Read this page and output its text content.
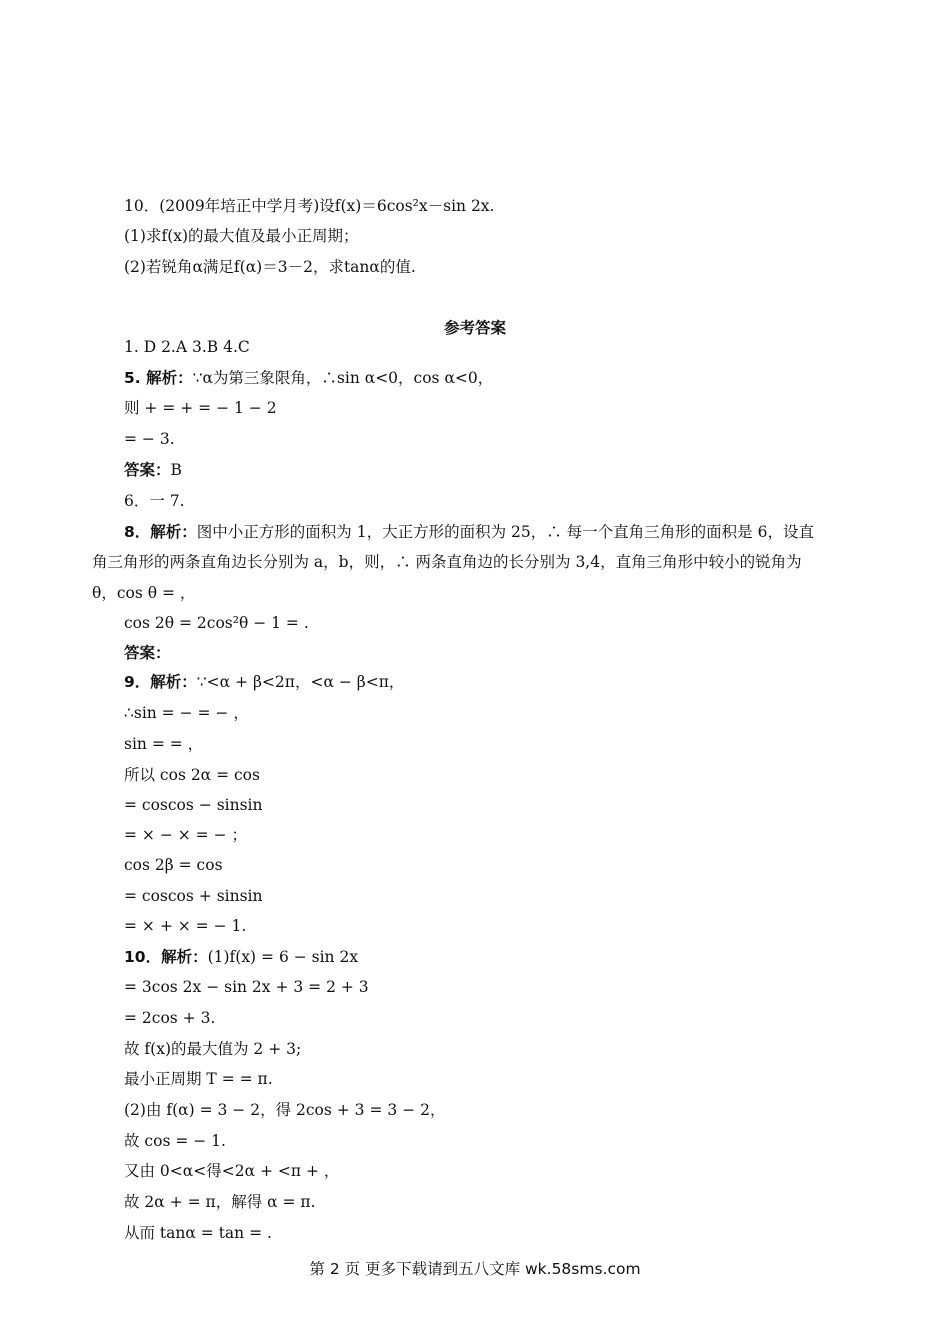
10．(2009年培正中学月考)设f(x)＝6cos²x－sin 2x.
(1)求f(x)的最大值及最小正周期；
(2)若锐角α满足f(α)＝3－2，求tanα的值.
参考答案
1. D 2.A 3.B 4.C
5. 解析：∵α为第三象限角，∴sin α<0，cos α<0，
则 + = + = − 1 − 2
= − 3.
答案：B
6．一 7.
8．解析：图中小正方形的面积为 1，大正方形的面积为 25，∴ 每一个直角三角形的面积是 6，设直
角三角形的两条直角边长分别为 a，b，则，∴ 两条直角边的长分别为 3,4，直角三角形中较小的锐角为
θ，cos θ = ，
cos 2θ = 2cos²θ − 1 = .
答案：
9．解析：∵<α + β<2π，<α − β<π，
∴sin = − = − ，
sin = = ，
所以 cos 2α = cos
= coscos − sinsin
= × − × = − ；
cos 2β = cos
= coscos + sinsin
= × + × = − 1.
10．解析：(1)f(x) = 6 − sin 2x
= 3cos 2x − sin 2x + 3 = 2 + 3
= 2cos + 3.
故 f(x)的最大值为 2 + 3;
最小正周期 T = = π.
(2)由 f(α) = 3 − 2，得 2cos + 3 = 3 − 2，
故 cos = − 1.
又由 0<α<得<2α + <π + ，
故 2α + = π，解得 α = π.
从而 tanα = tan = .
第 2 页 更多下载请到五八文库 wk.58sms.com
